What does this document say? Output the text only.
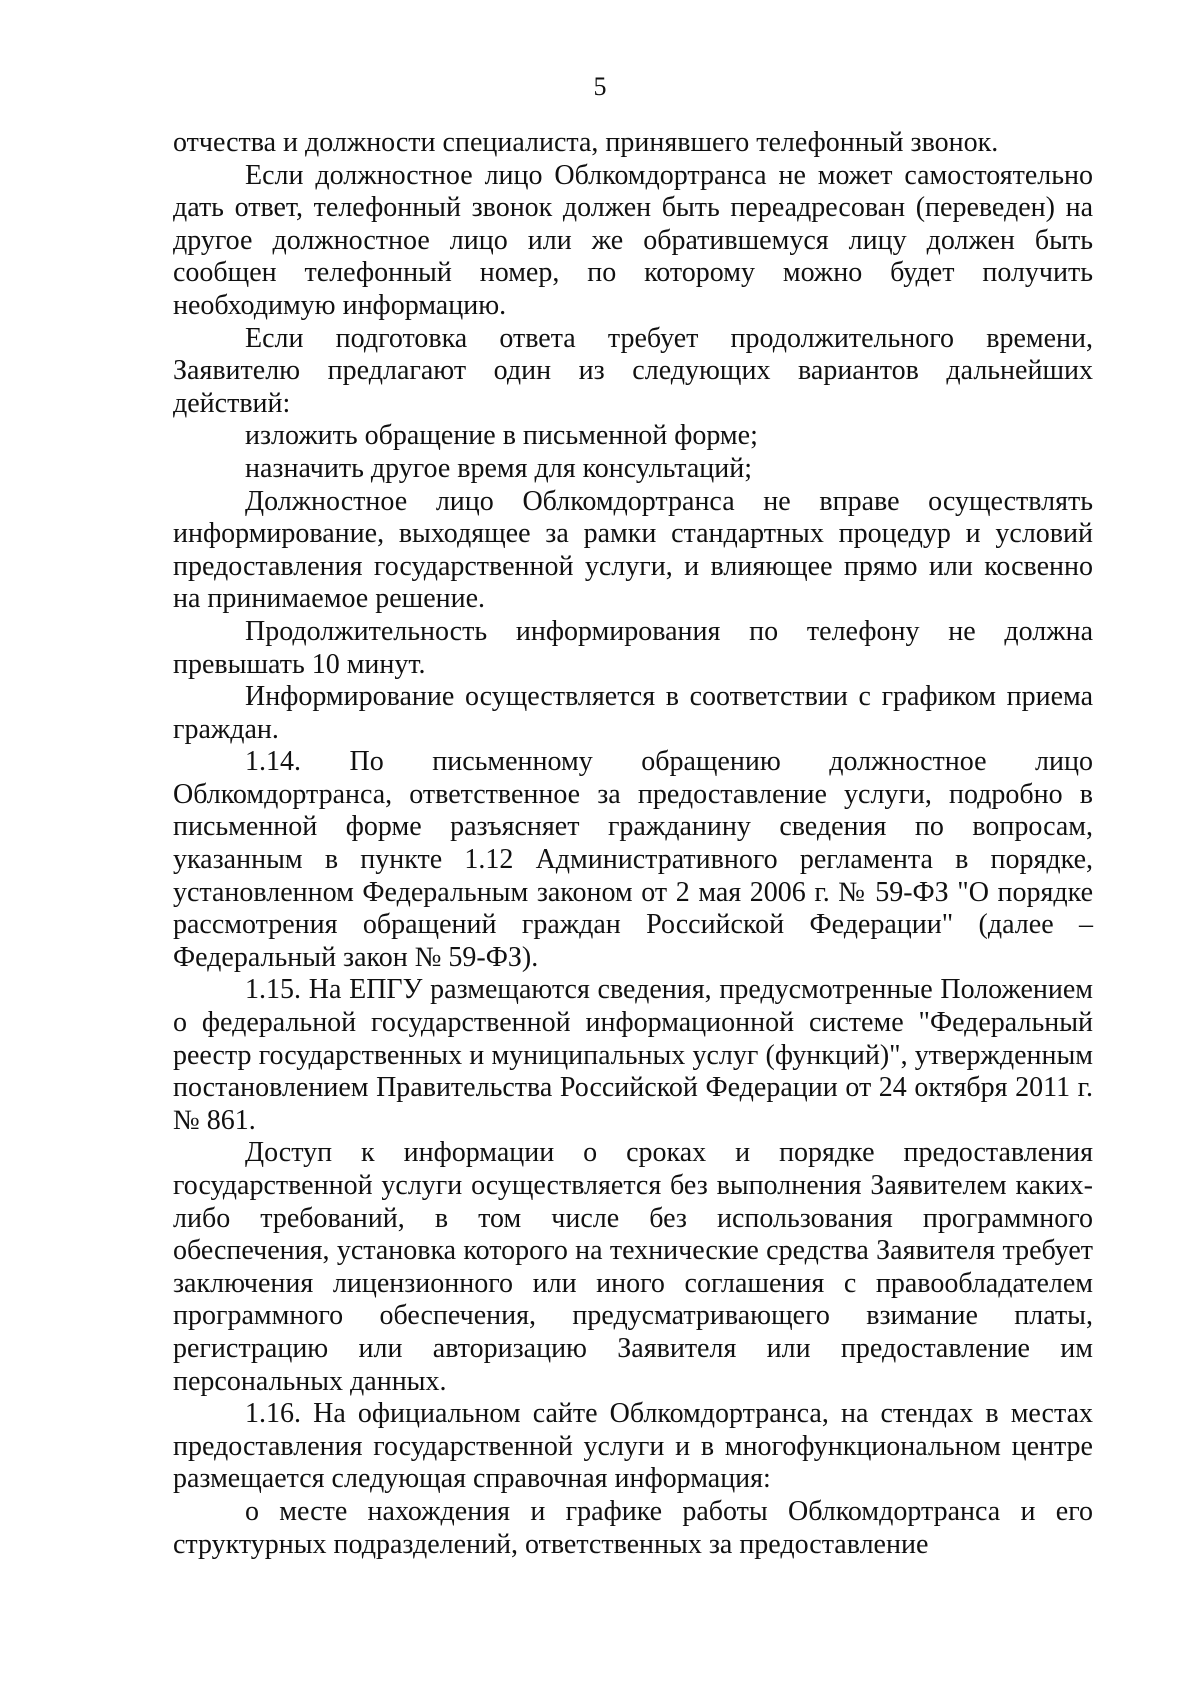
5

отчества и должности специалиста, принявшего телефонный звонок.

Если должностное лицо Облкомдортранса не может самостоятельно дать ответ, телефонный звонок должен быть переадресован (переведен) на другое должностное лицо или же обратившемуся лицу должен быть сообщен телефонный номер, по которому можно будет получить необходимую информацию.

Если подготовка ответа требует продолжительного времени, Заявителю предлагают один из следующих вариантов дальнейших действий:

изложить обращение в письменной форме;

назначить другое время для консультаций;

Должностное лицо Облкомдортранса не вправе осуществлять информирование, выходящее за рамки стандартных процедур и условий предоставления государственной услуги, и влияющее прямо или косвенно на принимаемое решение.

Продолжительность информирования по телефону не должна превышать 10 минут.

Информирование осуществляется в соответствии с графиком приема граждан.

1.14. По письменному обращению должностное лицо Облкомдортранса, ответственное за предоставление услуги, подробно в письменной форме разъясняет гражданину сведения по вопросам, указанным в пункте 1.12 Административного регламента в порядке, установленном Федеральным законом от 2 мая 2006 г. № 59-ФЗ "О порядке рассмотрения обращений граждан Российской Федерации" (далее – Федеральный закон № 59-ФЗ).

1.15. На ЕПГУ размещаются сведения, предусмотренные Положением о федеральной государственной информационной системе "Федеральный реестр государственных и муниципальных услуг (функций)", утвержденным постановлением Правительства Российской Федерации от 24 октября 2011 г. № 861.

Доступ к информации о сроках и порядке предоставления государственной услуги осуществляется без выполнения Заявителем каких-либо требований, в том числе без использования программного обеспечения, установка которого на технические средства Заявителя требует заключения лицензионного или иного соглашения с правообладателем программного обеспечения, предусматривающего взимание платы, регистрацию или авторизацию Заявителя или предоставление им персональных данных.

1.16. На официальном сайте Облкомдортранса, на стендах в местах предоставления государственной услуги и в многофункциональном центре размещается следующая справочная информация:

о месте нахождения и графике работы Облкомдортранса и его структурных подразделений, ответственных за предоставление
